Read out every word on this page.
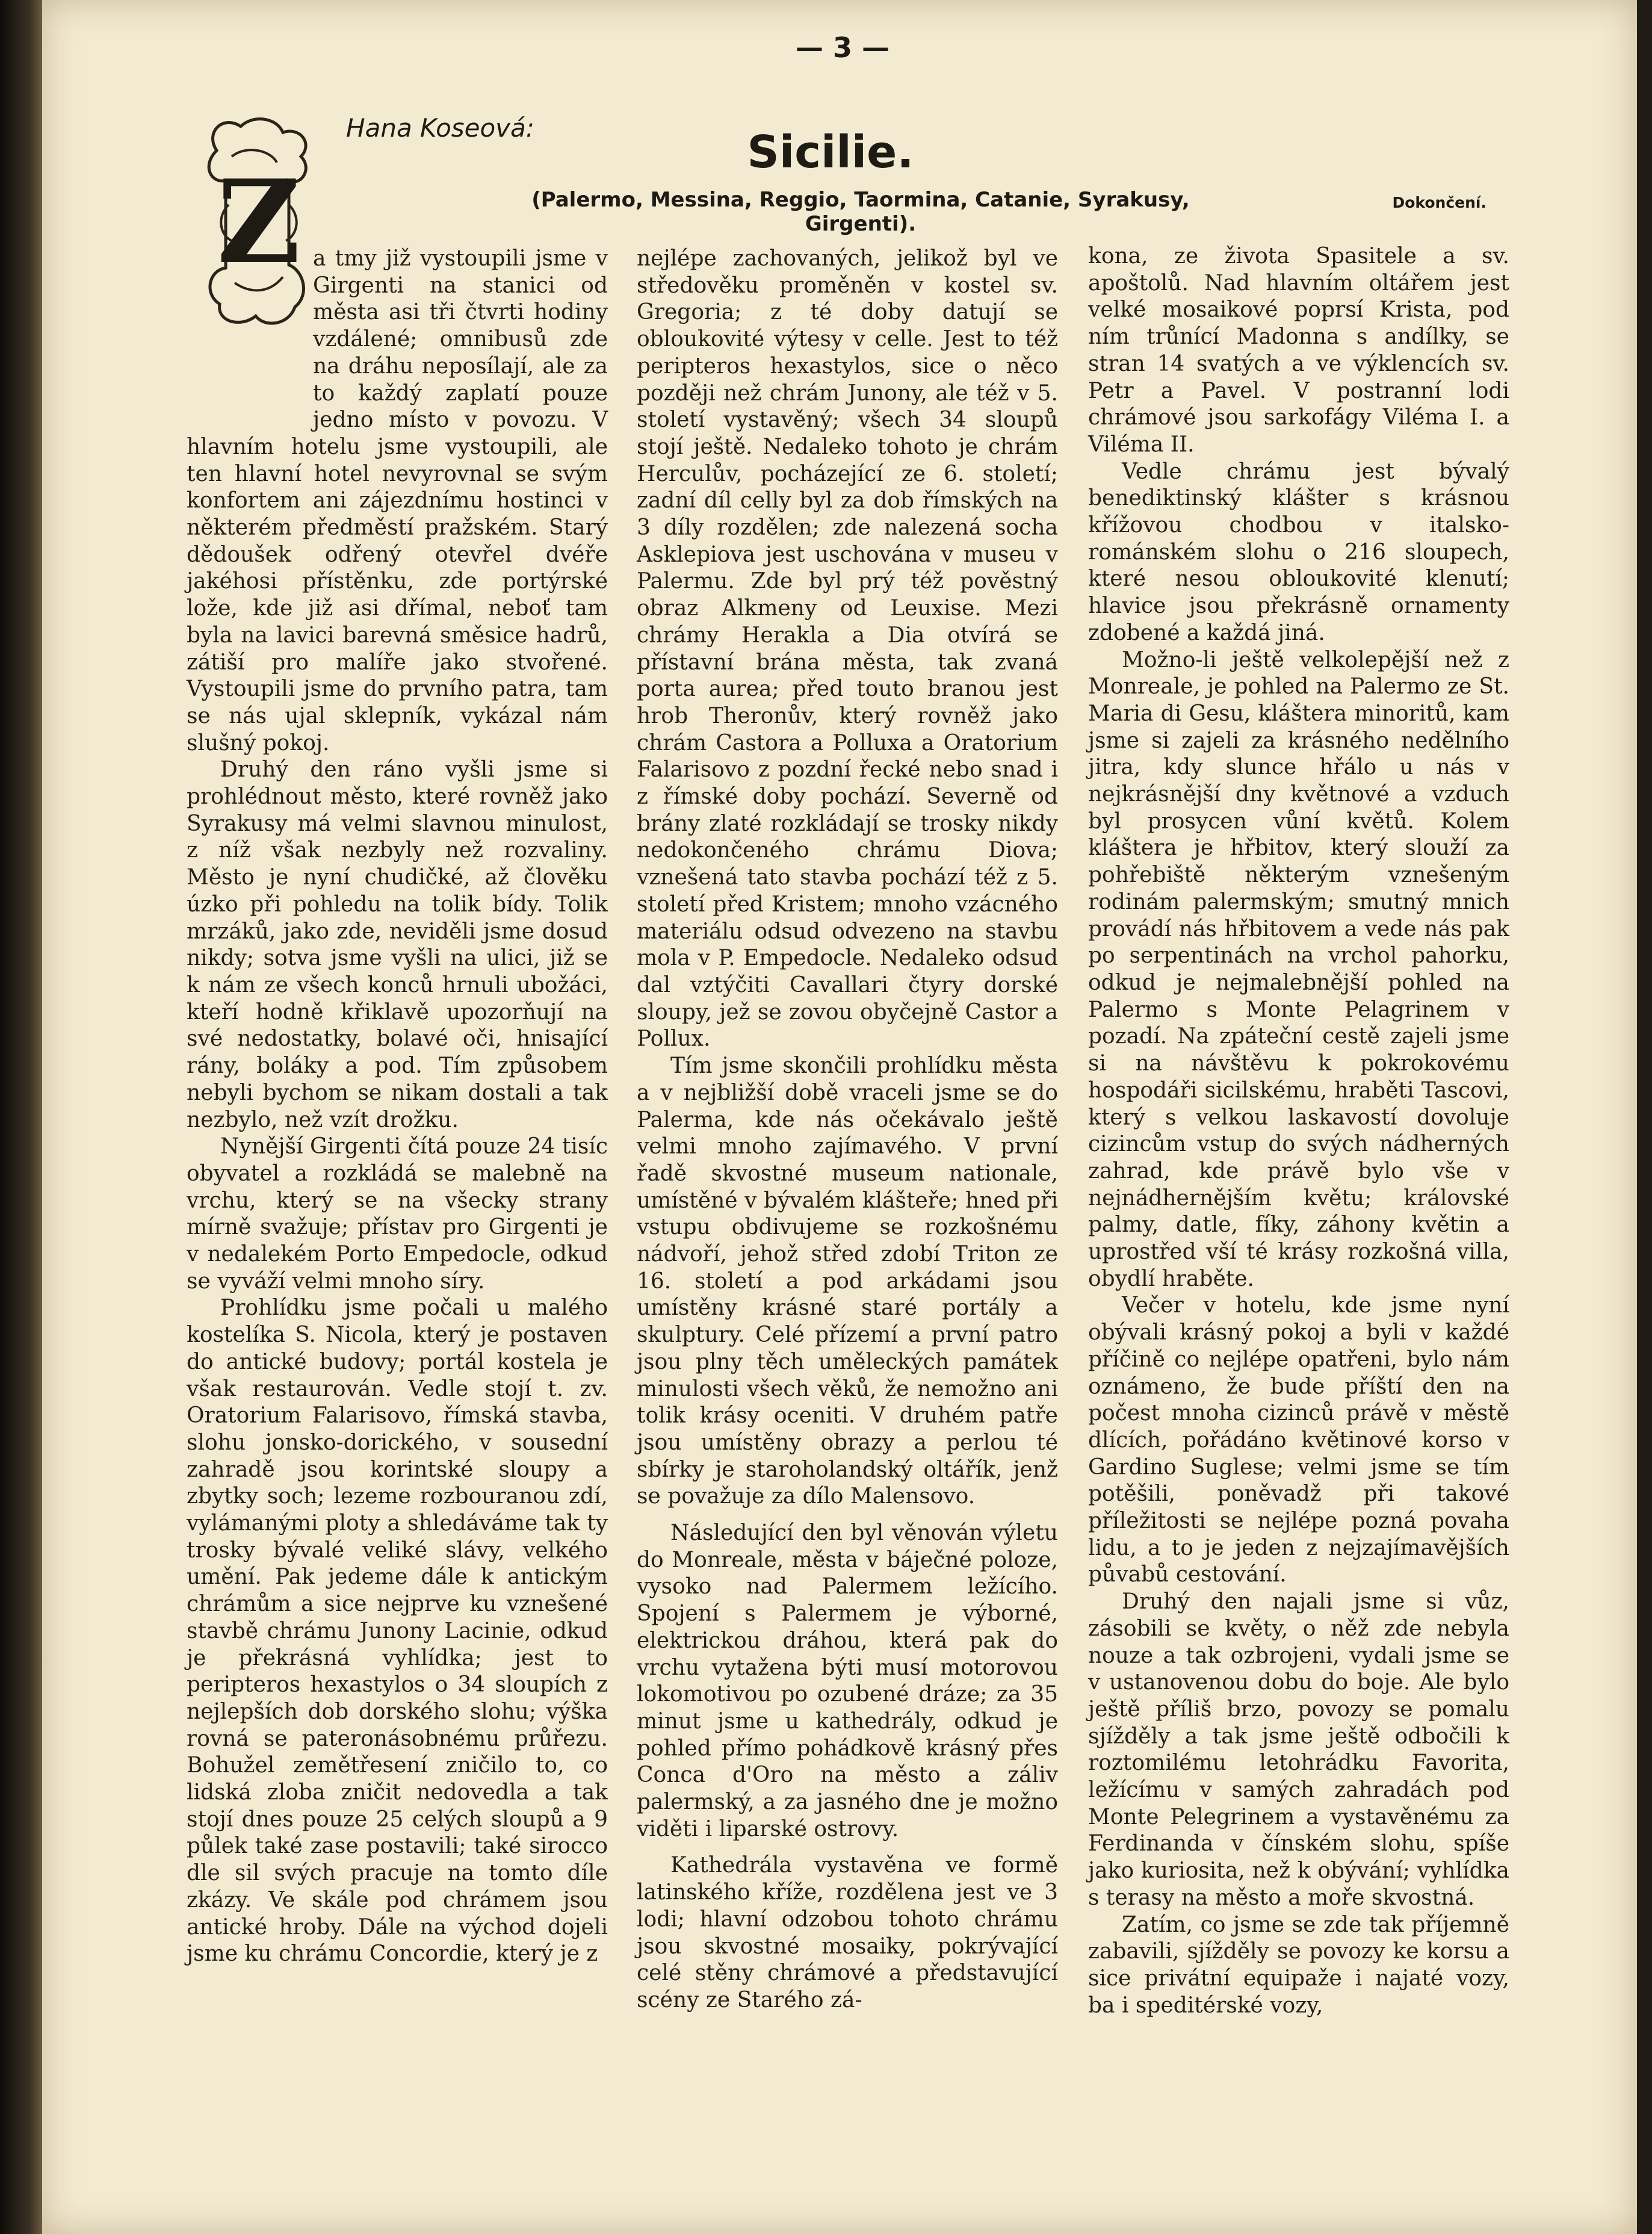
— 3 —
Hana Koseová:	Sicilie.
(Palermo, Messina, Reggio, Taormina, Catanie, Syrakusy, Girgenti).
Dokončení.
Z a tmy již vystoupili jsme v Girgenti na stanici od města asi tři čtvrti hodiny vzdálené; omnibusů zde na dráhu neposílají, ale za to každý zaplatí pouze jedno místo v povozu. V hlavním hotelu jsme vystoupili, ale ten hlavní hotel nevyrovnal se svým konfortem ani zájezdnímu hostinci v některém předměstí pražském. Starý dědoušek odřený otevřel dvéře jakéhosi přístěnku, zde portýrské lože, kde již asi dřímal, neboť tam byla na lavici barevná směsice hadrů, zátiší pro malíře jako stvořené. Vystoupili jsme do prvního patra, tam se nás ujal sklepník, vykázal nám slušný pokoj.

Druhý den ráno vyšli jsme si prohlédnout město, které rovněž jako Syrakusy má velmi slavnou minulost, z níž však nezbyly než rozvaliny. Město je nyní chudičké, až člověku úzko při pohledu na tolik bídy. Tolik mrzáků, jako zde, neviděli jsme dosud nikdy; sotva jsme vyšli na ulici, již se k nám ze všech konců hrnuli ubožáci, kteří hodně křiklavě upozorňují na své nedostatky, bolavé oči, hnisající rány, boláky a pod. Tím způsobem nebyli bychom se nikam dostali a tak nezbylo, než vzít drožku.

Nynější Girgenti čítá pouze 24 tisíc obyvatel a rozkládá se malebně na vrchu, který se na všecky strany mírně svažuje; přístav pro Girgenti je v nedalekém Porto Empedocle, odkud se vyváží velmi mnoho síry.

Prohlídku jsme počali u malého kostelíka S. Nicola, který je postaven do antické budovy; portál kostela je však restaurován. Vedle stojí t. zv. Oratorium Falarisovo, římská stavba, slohu jonsko-dorického, v sousední zahradě jsou korintské sloupy a zbytky soch; lezeme rozbouranou zdí, vylámanými ploty a shledáváme tak ty trosky bývalé veliké slávy, velkého umění. Pak jedeme dále k antickým chrámům a sice nejprve ku vznešené stavbě chrámu Junony Lacinie, odkud je překrásná vyhlídka; jest to peripteros hexastylos o 34 sloupích z nejlepších dob dorského slohu; výška rovná se pateronásobnému průřezu. Bohužel zemětřesení zničilo to, co lidská zloba zničit nedovedla a tak stojí dnes pouze 25 celých sloupů a 9 půlek také zase postavili; také sirocco dle sil svých pracuje na tomto díle zkázy. Ve skále pod chrámem jsou antické hroby. Dále na východ dojeli jsme ku chrámu Concordie, který je z

nejlépe zachovaných, jelikož byl ve středověku proměněn v kostel sv. Gregoria; z té doby datují se obloukovité výtesy v celle. Jest to též peripteros hexastylos, sice o něco později než chrám Junony, ale též v 5. století vystavěný; všech 34 sloupů stojí ještě. Nedaleko tohoto je chrám Herculův, pocházející ze 6. století; zadní díl celly byl za dob římských na 3 díly rozdělen; zde nalezená socha Asklepiova jest uschována v museu v Palermu. Zde byl prý též pověstný obraz Alkmeny od Leuxise. Mezi chrámy Herakla a Dia otvírá se přístavní brána města, tak zvaná porta aurea; před touto branou jest hrob Theronův, který rovněž jako chrám Castora a Polluxa a Oratorium Falarisovo z pozdní řecké nebo snad i z římské doby pochází. Severně od brány zlaté rozkládají se trosky nikdy nedokončeného chrámu Diova; vznešená tato stavba pochází též z 5. století před Kristem; mnoho vzácného materiálu odsud odvezeno na stavbu mola v P. Empedocle. Nedaleko odsud dal vztýčiti Cavallari čtyry dorské sloupy, jež se zovou obyčejně Castor a Pollux.

Tím jsme skončili prohlídku města a v nejbližší době vraceli jsme se do Palerma, kde nás očekávalo ještě velmi mnoho zajímavého. V první řadě skvostné museum nationale, umístěné v bývalém klášteře; hned při vstupu obdivujeme se rozkošnému nádvoří, jehož střed zdobí Triton ze 16. století a pod arkádami jsou umístěny krásné staré portály a skulptury. Celé přízemí a první patro jsou plny těch uměleckých památek minulosti všech věků, že nemožno ani tolik krásy oceniti. V druhém patře jsou umístěny obrazy a perlou té sbírky je staroholandský oltářík, jenž se považuje za dílo Malensovo.

Následující den byl věnován výletu do Monreale, města v báječné poloze, vysoko nad Palermem ležícího. Spojení s Palermem je výborné, elektrickou dráhou, která pak do vrchu vytažena býti musí motorovou lokomotivou po ozubené dráze; za 35 minut jsme u kathedrály, odkud je pohled přímo pohádkově krásný přes Conca d'Oro na město a záliv palermský, a za jasného dne je možno viděti i liparské ostrovy.

Kathedrála vystavěna ve formě latinského kříže, rozdělena jest ve 3 lodi; hlavní odzobou tohoto chrámu jsou skvostné mosaiky, pokrývající celé stěny chrámové a představující scény ze Starého zá-

kona, ze života Spasitele a sv. apoštolů. Nad hlavním oltářem jest velké mosaikové poprsí Krista, pod ním trůnící Madonna s andílky, se stran 14 svatých a ve výklencích sv. Petr a Pavel. V postranní lodi chrámové jsou sarkofágy Viléma I. a Viléma II.

Vedle chrámu jest bývalý benediktinský klášter s krásnou křížovou chodbou v italsko-románském slohu o 216 sloupech, které nesou obloukovité klenutí; hlavice jsou překrásně ornamenty zdobené a každá jiná.

Možno-li ještě velkolepější než z Monreale, je pohled na Palermo ze St. Maria di Gesu, kláštera minoritů, kam jsme si zajeli za krásného nedělního jitra, kdy slunce hřálo u nás v nejkrásnější dny květnové a vzduch byl prosycen vůní květů. Kolem kláštera je hřbitov, který slouží za pohřebiště některým vznešeným rodinám palermským; smutný mnich provádí nás hřbitovem a vede nás pak po serpentinách na vrchol pahorku, odkud je nejmalebnější pohled na Palermo s Monte Pelagrinem v pozadí. Na zpáteční cestě zajeli jsme si na návštěvu k pokrokovému hospodáři sicilskému, hraběti Tascovi, který s velkou laskavostí dovoluje cizincům vstup do svých nádherných zahrad, kde právě bylo vše v nejnádhernějším květu; královské palmy, datle, fíky, záhony květin a uprostřed vší té krásy rozkošná villa, obydlí hraběte.

Večer v hotelu, kde jsme nyní obývali krásný pokoj a byli v každé příčině co nejlépe opatřeni, bylo nám oznámeno, že bude příští den na počest mnoha cizinců právě v městě dlících, pořádáno květinové korso v Gardino Suglese; velmi jsme se tím potěšili, poněvadž při takové příležitosti se nejlépe pozná povaha lidu, a to je jeden z nejzajímavějších půvabů cestování.

Druhý den najali jsme si vůz, zásobili se květy, o něž zde nebyla nouze a tak ozbrojeni, vydali jsme se v ustanovenou dobu do boje. Ale bylo ještě příliš brzo, povozy se pomalu sjížděly a tak jsme ještě odbočili k roztomilému letohrádku Favorita, ležícímu v samých zahradách pod Monte Pelegrinem a vystavěnému za Ferdinanda v čínském slohu, spíše jako kuriosita, než k obývání; vyhlídka s terasy na město a moře skvostná.

Zatím, co jsme se zde tak příjemně zabavili, sjížděly se povozy ke korsu a sice privátní equipaže i najaté vozy, ba i speditérské vozy,
